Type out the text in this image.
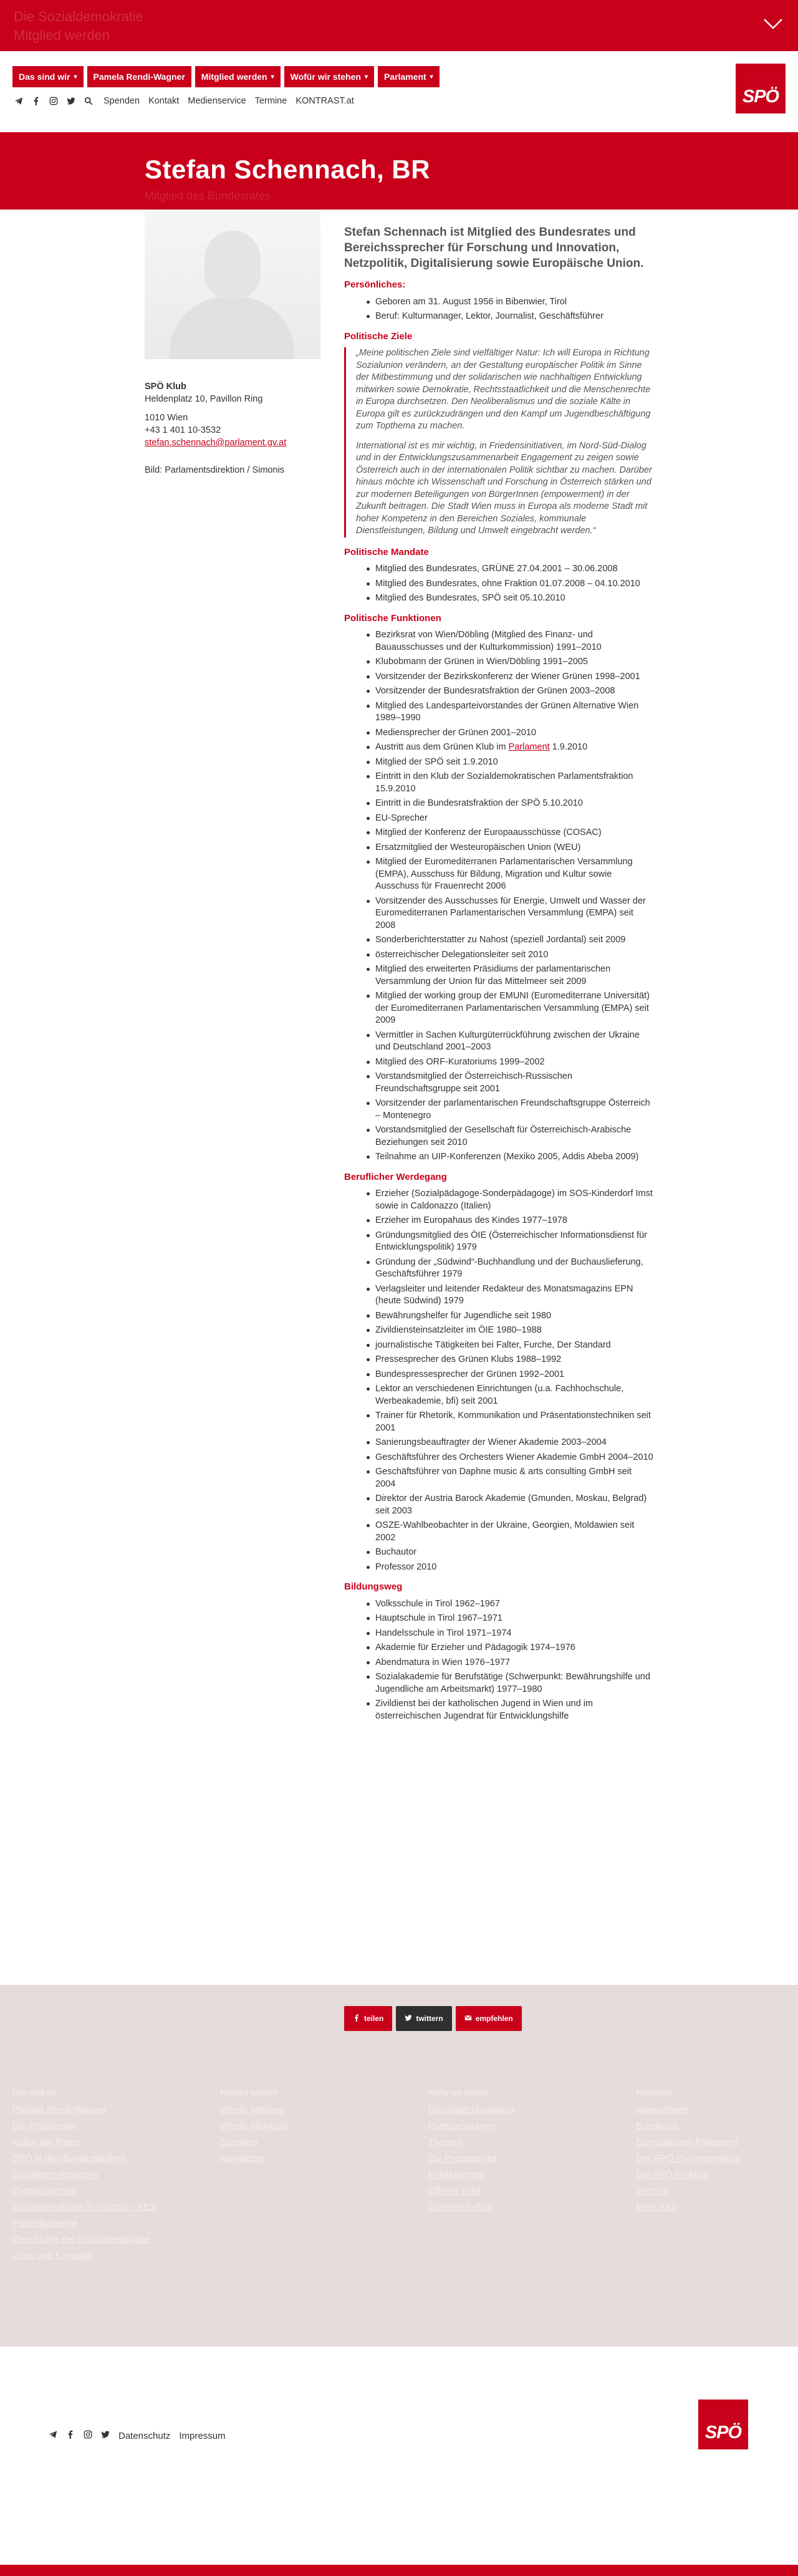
Die Sozialdemokratie
Mitglied werden
Das sind wir ▾ Pamela Rendi-Wagner Mitglied werden ▾ Wofür wir stehen ▾ Parlament ▾
Spenden Kontakt Medienservice Termine KONTRAST.at	SPÖ
Stefan Schennach, BR
Mitglied des Bundesrates
SPÖ Klub
Heldenplatz 10, Pavillon Ring
1010 Wien
+43 1 401 10-3532
stefan.schennach@parlament.gv.at
Bild: Parlamentsdirektion / Simonis
Stefan Schennach ist Mitglied des Bundesrates und Bereichssprecher für Forschung und Innovation, Netzpolitik, Digitalisierung sowie Europäische Union.
Persönliches:
Geboren am 31. August 1956 in Bibenwier, Tirol
Beruf: Kulturmanager, Lektor, Journalist, Geschäftsführer
Politische Ziele

„Meine politischen Ziele sind vielfältiger Natur: Ich will Europa in Richtung Sozialunion verändern, an der Gestaltung europäischer Politik im Sinne der Mitbestimmung und der solidarischen wie nachhaltigen Entwicklung mitwirken sowie Demokratie, Rechtsstaatlichkeit und die Menschenrechte in Europa durchsetzen. Den Neoliberalismus und die soziale Kälte in Europa gilt es zurückzudrängen und den Kampf um Jugendbeschäftigung zum Topthema zu machen.

International ist es mir wichtig, in Friedensinitiativen, im Nord-Süd-Dialog und in der Entwicklungszusammenarbeit Engagement zu zeigen sowie Österreich auch in der internationalen Politik sichtbar zu machen. Darüber hinaus möchte ich Wissenschaft und Forschung in Österreich stärken und zur modernen Beteiligungen von BürgerInnen (empowerment) in der Zukunft beitragen. Die Stadt Wien muss in Europa als moderne Stadt mit hoher Kompetenz in den Bereichen Soziales, kommunale Dienstleistungen, Bildung und Umwelt eingebracht werden.“

Politische Mandate
Mitglied des Bundesrates, GRÜNE 27.04.2001 – 30.06.2008
Mitglied des Bundesrates, ohne Fraktion 01.07.2008 – 04.10.2010
Mitglied des Bundesrates, SPÖ seit 05.10.2010
Politische Funktionen
Bezirksrat von Wien/Döbling (Mitglied des Finanz- und Bauausschusses und der Kulturkommission) 1991–2010
Klubobmann der Grünen in Wien/Döbling 1991–2005
Vorsitzender der Bezirkskonferenz der Wiener Grünen 1998–2001
Vorsitzender der Bundesratsfraktion der Grünen 2003–2008
Mitglied des Landesparteivorstandes der Grünen Alternative Wien 1989–1990
Mediensprecher der Grünen 2001–2010
Austritt aus dem Grünen Klub im Parlament 1.9.2010
Mitglied der SPÖ seit 1.9.2010
Eintritt in den Klub der Sozialdemokratischen Parlamentsfraktion 15.9.2010
Eintritt in die Bundesratsfraktion der SPÖ 5.10.2010
EU-Sprecher
Mitglied der Konferenz der Europaausschüsse (COSAC)
Ersatzmitglied der Westeuropäischen Union (WEU)
Mitglied der Euromediterranen Parlamentarischen Versammlung (EMPA), Ausschuss für Bildung, Migration und Kultur sowie Ausschuss für Frauenrecht 2006
Vorsitzender des Ausschusses für Energie, Umwelt und Wasser der Euromediterranen Parlamentarischen Versammlung (EMPA) seit 2008
Sonderberichterstatter zu Nahost (speziell Jordantal) seit 2009
österreichischer Delegationsleiter seit 2010
Mitglied des erweiterten Präsidiums der parlamentarischen Versammlung der Union für das Mittelmeer seit 2009
Mitglied der working group der EMUNI (Euromediterrane Universität) der Euromediterranen Parlamentarischen Versammlung (EMPA) seit 2009
Vermittler in Sachen Kulturgüterrückführung zwischen der Ukraine und Deutschland 2001–2003
Mitglied des ORF-Kuratoriums 1999–2002
Vorstandsmitglied der Österreichisch-Russischen Freundschaftsgruppe seit 2001
Vorsitzender der parlamentarischen Freundschaftsgruppe Österreich – Montenegro
Vorstandsmitglied der Gesellschaft für Österreichisch-Arabische Beziehungen seit 2010
Teilnahme an UIP-Konferenzen (Mexiko 2005, Addis Abeba 2009)
Beruflicher Werdegang
Erzieher (Sozialpädagoge-Sonderpädagoge) im SOS-Kinderdorf Imst sowie in Caldonazzo (Italien)
Erzieher im Europahaus des Kindes 1977–1978
Gründungsmitglied des ÖIE (Österreichischer Informationsdienst für Entwicklungspolitik) 1979
Gründung der „Südwind“-Buchhandlung und der Buchauslieferung, Geschäftsführer 1979
Verlagsleiter und leitender Redakteur des Monatsmagazins EPN (heute Südwind) 1979
Bewährungshelfer für Jugendliche seit 1980
Zivildiensteinsatzleiter im ÖIE 1980–1988
journalistische Tätigkeiten bei Falter, Furche, Der Standard
Pressesprecher des Grünen Klubs 1988–1992
Bundespressesprecher der Grünen 1992–2001
Lektor an verschiedenen Einrichtungen (u.a. Fachhochschule, Werbeakademie, bfi) seit 2001
Trainer für Rhetorik, Kommunikation und Präsentationstechniken seit 2001
Sanierungsbeauftragter der Wiener Akademie 2003–2004
Geschäftsführer des Orchesters Wiener Akademie GmbH 2004–2010
Geschäftsführer von Daphne music & arts consulting GmbH seit 2004
Direktor der Austria Barock Akademie (Gmunden, Moskau, Belgrad) seit 2003
OSZE-Wahlbeobachter in der Ukraine, Georgien, Moldawien seit 2002
Buchautor
Professor 2010
Bildungsweg
Volksschule in Tirol 1962–1967
Hauptschule in Tirol 1967–1971
Handelsschule in Tirol 1971–1974
Akademie für Erzieher und Pädagogik 1974–1976
Abendmatura in Wien 1976–1977
Sozialakademie für Berufstätige (Schwerpunkt: Bewährungshilfe und Jugendliche am Arbeitsmarkt) 1977–1980
Zivildienst bei der katholischen Jugend in Wien und im österreichischen Jugendrat für Entwicklungshilfe
teilen	twittern	empfehlen
Das sind wir
Pamela Rendi-Wagner
Die Präsidentin
Kultur der Partei
SPÖ in den Bundesländern
Sozialdemokratische Organisationen
Sozialdemokratie in Europa – PES
Parteiakademie
Geschichte der Sozialdemokratie
Links und Kontakte
Mitglied werden
Werde Mitglied!
Werde Aktivistin!
Spenden
Newsletter
Wofür wir stehen
Grundsatzprogramm
Parteiprogramm
Themen
Zur Pressearbeit
Publikationen
Offener Brief
Österreich-Plan
Parlament
Abgeordnete
Bundesrat
Europäisches Parlament
Der SPÖ-Parlamentsklub
Die SPÖ-Fraktion
Termine
Mehr Klub
Datenschutz Impressum	SPÖ
